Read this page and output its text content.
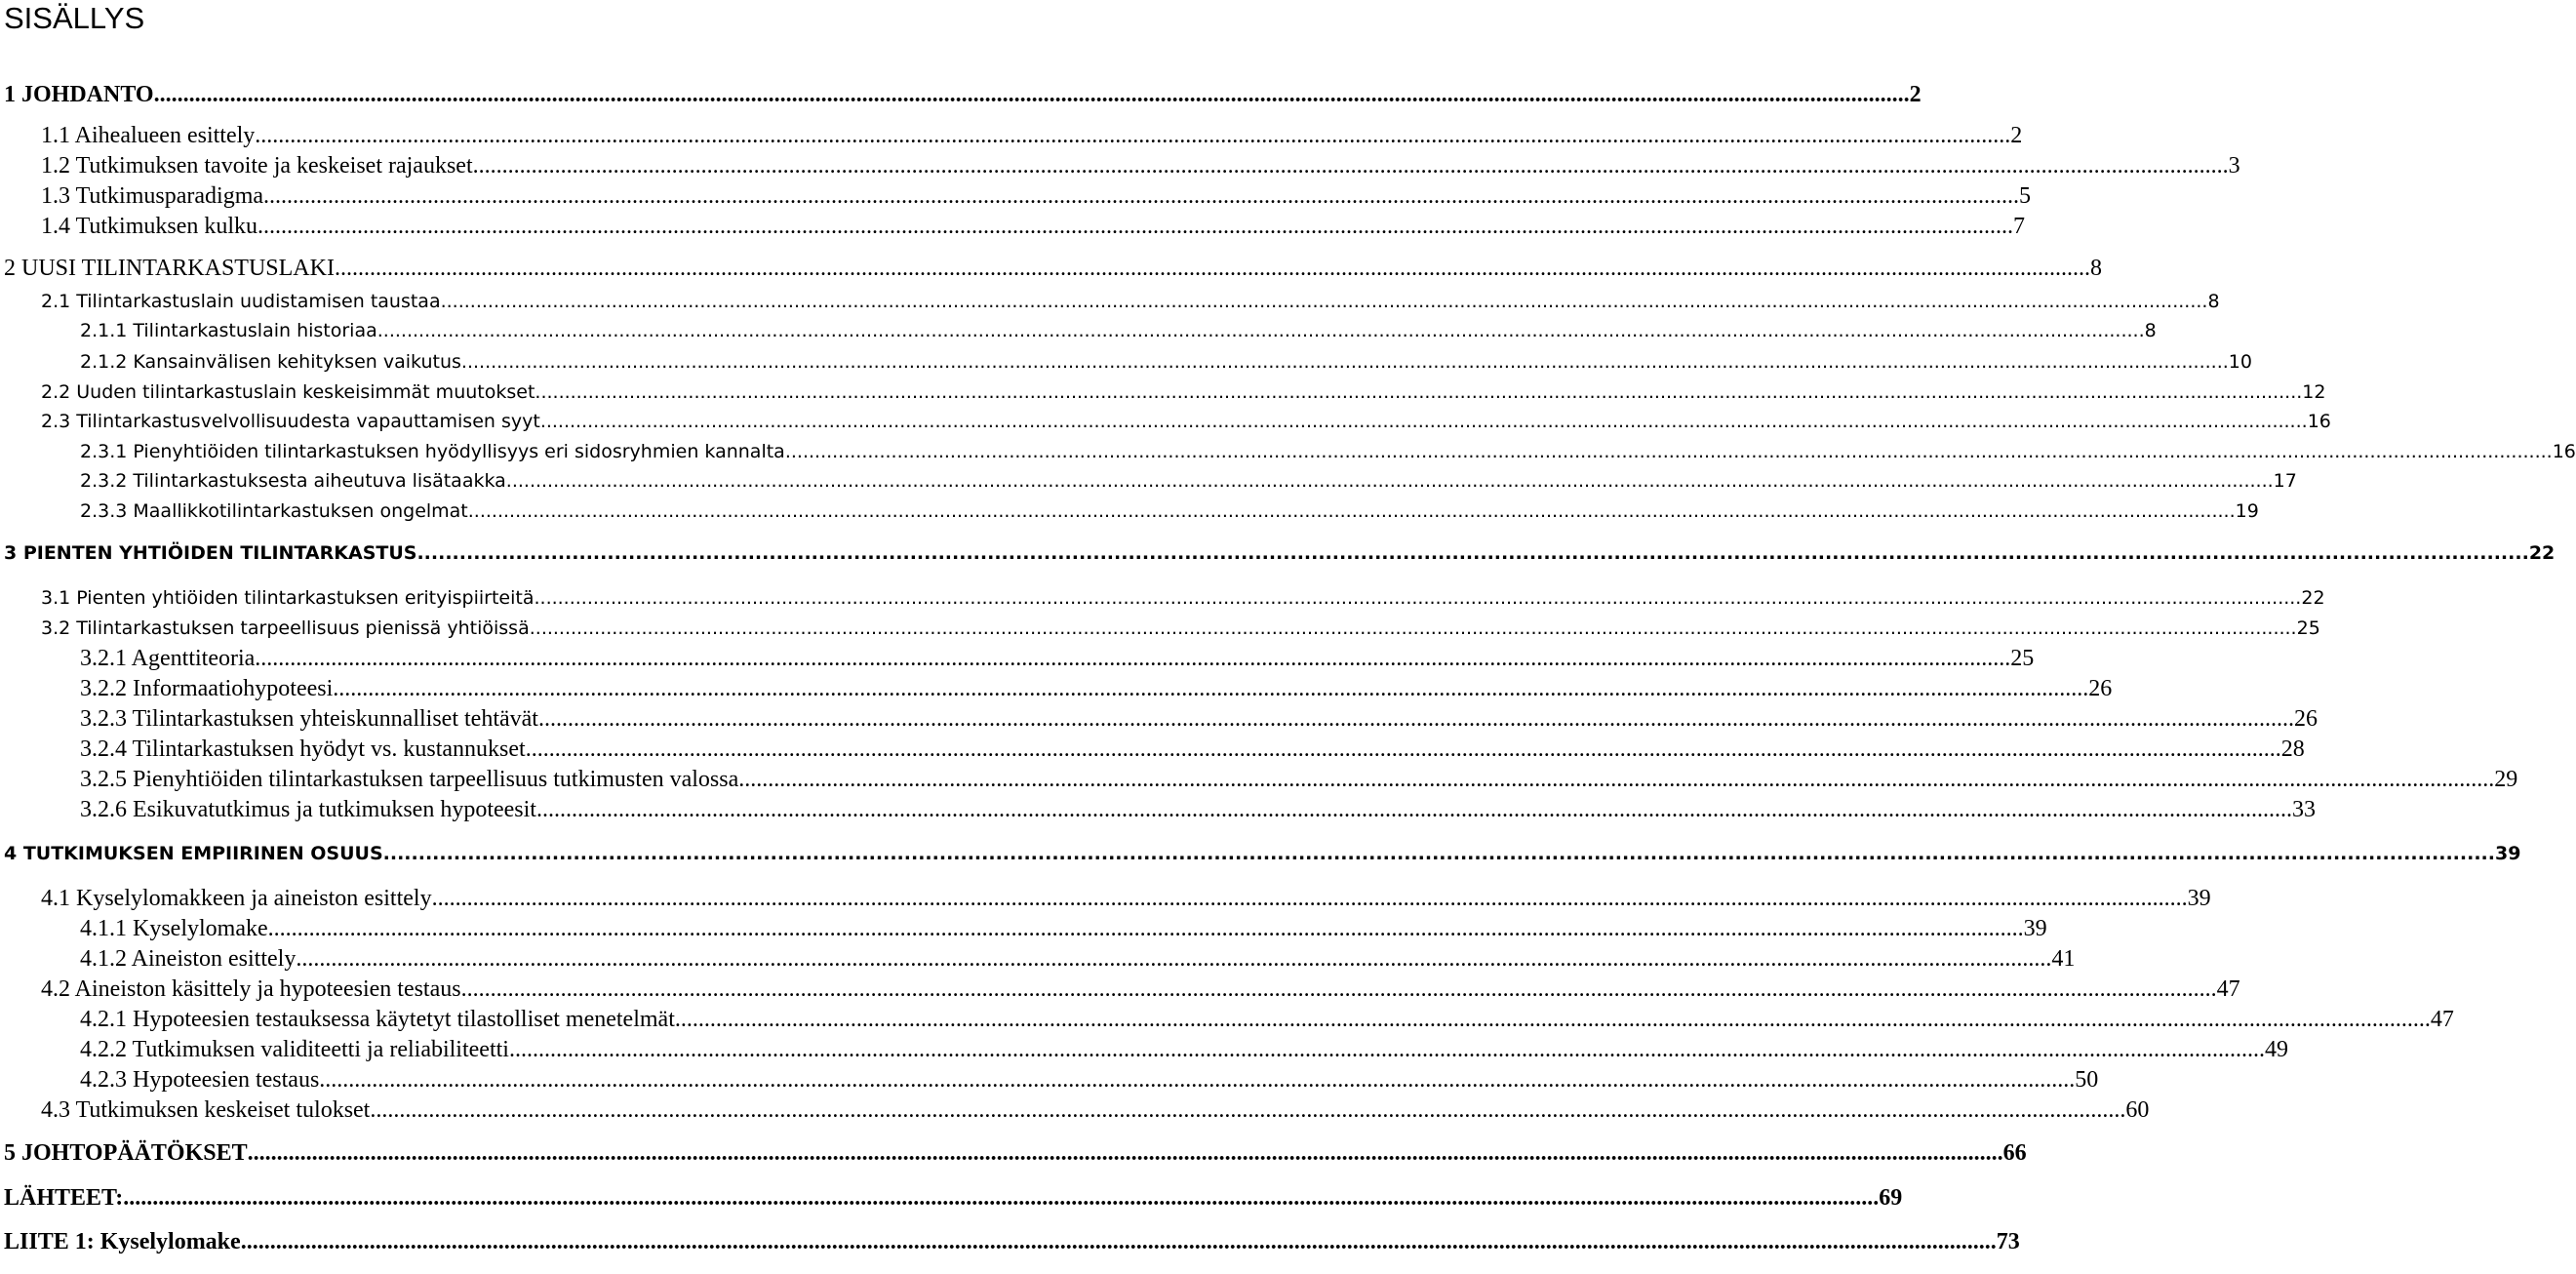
SISÄLLYS
1 JOHDANTO ............................................................................................................................................................................................................................................................................................................ 2
1.1 Aihealueen esittely ............................................................................................................................................................................................................................................................................................................ 2
1.2 Tutkimuksen tavoite ja keskeiset rajaukset ............................................................................................................................................................................................................................................................................................................ 3
1.3 Tutkimusparadigma ............................................................................................................................................................................................................................................................................................................ 5
1.4 Tutkimuksen kulku ............................................................................................................................................................................................................................................................................................................ 7
2 UUSI TILINTARKASTUSLAKI ............................................................................................................................................................................................................................................................................................................ 8
2.1 Tilintarkastuslain uudistamisen taustaa ............................................................................................................................................................................................................................................................................................................ 8
2.1.1 Tilintarkastuslain historiaa ............................................................................................................................................................................................................................................................................................................ 8
2.1.2 Kansainvälisen kehityksen vaikutus ............................................................................................................................................................................................................................................................................................................ 10
2.2 Uuden tilintarkastuslain keskeisimmät muutokset ............................................................................................................................................................................................................................................................................................................ 12
2.3 Tilintarkastusvelvollisuudesta vapauttamisen syyt ............................................................................................................................................................................................................................................................................................................ 16
2.3.1 Pienyhtiöiden tilintarkastuksen hyödyllisyys eri sidosryhmien kannalta ............................................................................................................................................................................................................................................................................................................ 16
2.3.2 Tilintarkastuksesta aiheutuva lisätaakka ............................................................................................................................................................................................................................................................................................................ 17
2.3.3 Maallikkotilintarkastuksen ongelmat ............................................................................................................................................................................................................................................................................................................ 19
3 PIENTEN YHTIÖIDEN TILINTARKASTUS ............................................................................................................................................................................................................................................................................................................ 22
3.1 Pienten yhtiöiden tilintarkastuksen erityispiirteitä ............................................................................................................................................................................................................................................................................................................ 22
3.2 Tilintarkastuksen tarpeellisuus pienissä yhtiöissä ............................................................................................................................................................................................................................................................................................................ 25
3.2.1 Agenttiteoria ............................................................................................................................................................................................................................................................................................................ 25
3.2.2 Informaatiohypoteesi ............................................................................................................................................................................................................................................................................................................ 26
3.2.3 Tilintarkastuksen yhteiskunnalliset tehtävät ............................................................................................................................................................................................................................................................................................................ 26
3.2.4 Tilintarkastuksen hyödyt vs. kustannukset ............................................................................................................................................................................................................................................................................................................ 28
3.2.5 Pienyhtiöiden tilintarkastuksen tarpeellisuus tutkimusten valossa ............................................................................................................................................................................................................................................................................................................ 29
3.2.6 Esikuvatutkimus ja tutkimuksen hypoteesit ............................................................................................................................................................................................................................................................................................................ 33
4 TUTKIMUKSEN EMPIIRINEN OSUUS ............................................................................................................................................................................................................................................................................................................ 39
4.1 Kyselylomakkeen ja aineiston esittely ............................................................................................................................................................................................................................................................................................................ 39
4.1.1 Kyselylomake ............................................................................................................................................................................................................................................................................................................ 39
4.1.2 Aineiston esittely ............................................................................................................................................................................................................................................................................................................ 41
4.2 Aineiston käsittely ja hypoteesien testaus ............................................................................................................................................................................................................................................................................................................ 47
4.2.1 Hypoteesien testauksessa käytetyt tilastolliset menetelmät ............................................................................................................................................................................................................................................................................................................ 47
4.2.2 Tutkimuksen validiteetti ja reliabiliteetti ............................................................................................................................................................................................................................................................................................................ 49
4.2.3 Hypoteesien testaus ............................................................................................................................................................................................................................................................................................................ 50
4.3 Tutkimuksen keskeiset tulokset ............................................................................................................................................................................................................................................................................................................ 60
5 JOHTOPÄÄTÖKSET ............................................................................................................................................................................................................................................................................................................ 66
LÄHTEET: ............................................................................................................................................................................................................................................................................................................ 69
LIITE 1: Kyselylomake ............................................................................................................................................................................................................................................................................................................ 73
